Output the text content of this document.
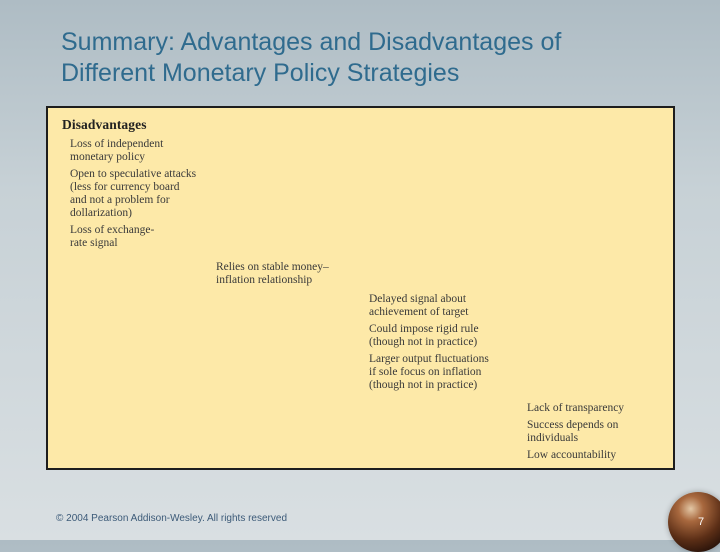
Summary: Advantages and Disadvantages of
Different Monetary Policy Strategies
Disadvantages
Loss of independent
monetary policy
Open to speculative attacks
(less for currency board
and not a problem for
dollarization)
Loss of exchange-
rate signal
Relies on stable money–
inflation relationship
Delayed signal about
achievement of target
Could impose rigid rule
(though not in practice)
Larger output fluctuations
if sole focus on inflation
(though not in practice)
Lack of transparency
Success depends on
individuals
Low accountability
© 2004 Pearson Addison-Wesley. All rights reserved	7
